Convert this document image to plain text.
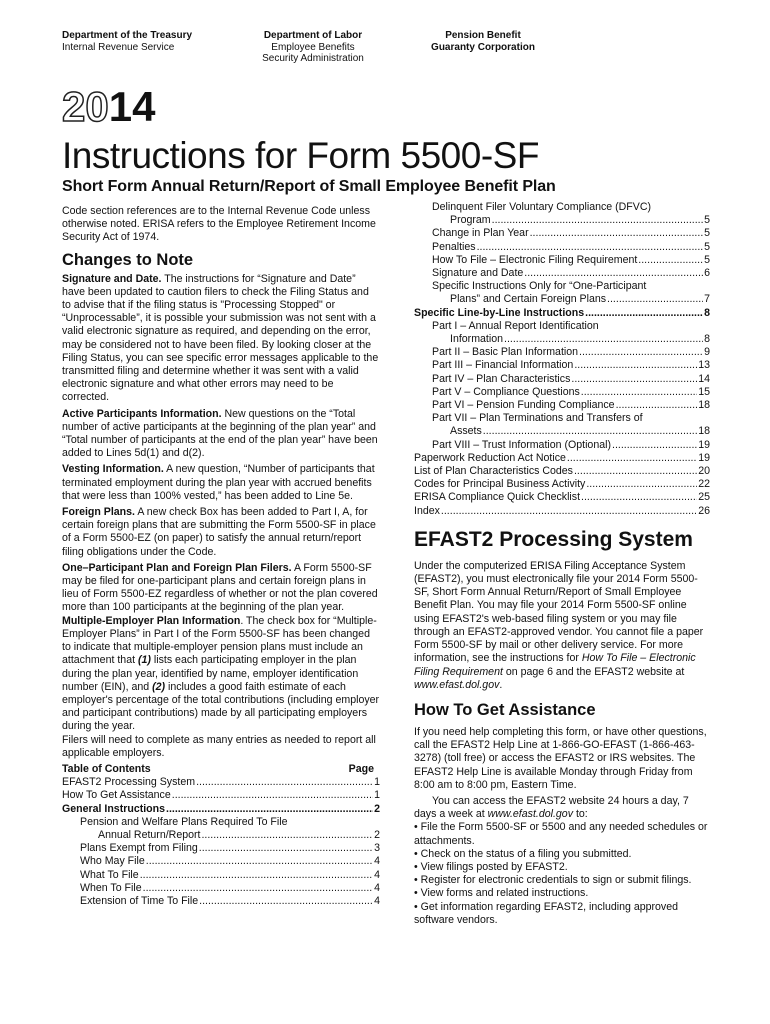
Department of the Treasury
Internal Revenue Service
Department of Labor
Employee Benefits
Security Administration
Pension Benefit
Guaranty Corporation
2014
Instructions for Form 5500-SF
Short Form Annual Return/Report of Small Employee Benefit Plan

Code section references are to the Internal Revenue Code unless otherwise noted. ERISA refers to the Employee Retirement Income Security Act of 1974.

Changes to Note

Signature and Date. The instructions for “Signature and Date” have been updated to caution filers to check the Filing Status and to advise that if the filing status is "Processing Stopped" or “Unprocessable”, it is possible your submission was not sent with a valid electronic signature as required, and depending on the error, may be considered not to have been filed. By looking closer at the Filing Status, you can see specific error messages applicable to the transmitted filing and determine whether it was sent with a valid electronic signature and what other errors may need to be corrected.

Active Participants Information. New questions on the “Total number of active participants at the beginning of the plan year” and “Total number of participants at the end of the plan year” have been added to Lines 5d(1) and d(2).

Vesting Information. A new question, “Number of participants that terminated employment during the plan year with accrued benefits that were less than 100% vested,” has been added to Line 5e.

Foreign Plans. A new check Box has been added to Part I, A, for certain foreign plans that are submitting the Form 5500-SF in place of a Form 5500-EZ (on paper) to satisfy the annual return/report filing obligations under the Code.

One–Participant Plan and Foreign Plan Filers. A Form 5500-SF may be filed for one-participant plans and certain foreign plans in lieu of Form 5500-EZ regardless of whether or not the plan covered more than 100 participants at the beginning of the plan year.

Multiple-Employer Plan Information. The check box for “Multiple-Employer Plans” in Part I of the Form 5500-SF has been changed to indicate that multiple-employer pension plans must include an attachment that (1) lists each participating employer in the plan during the plan year, identified by name, employer identification number (EIN), and (2) includes a good faith estimate of each employer's percentage of the total contributions (including employer and participant contributions) made by all participating employers during the year.

Filers will need to complete as many entries as needed to report all applicable employers.

Table of Contents	Page
EFAST2 Processing System .....	1
How To Get Assistance .....	1
General Instructions .....	2
Pension and Welfare Plans Required To File
Annual Return/Report .....	2
Plans Exempt from Filing .....	3
Who May File .....	4
What To File .....	4
When To File .....	4
Extension of Time To File .....	4
Delinquent Filer Voluntary Compliance (DFVC)
Program .....	5
Change in Plan Year .....	5
Penalties .....	5
How To File – Electronic Filing Requirement .....	5
Signature and Date .....	6
Specific Instructions Only for “One-Participant
Plans” and Certain Foreign Plans .....	7
Specific Line-by-Line Instructions .....	8
Part I – Annual Report Identification
Information .....	8
Part II – Basic Plan Information .....	9
Part III – Financial Information .....	13
Part IV – Plan Characteristics .....	14
Part V – Compliance Questions .....	15
Part VI – Pension Funding Compliance .....	18
Part VII – Plan Terminations and Transfers of
Assets .....	18
Part VIII – Trust Information (Optional) .....	19
Paperwork Reduction Act Notice .....	19
List of Plan Characteristics Codes .....	20
Codes for Principal Business Activity .....	22
ERISA Compliance Quick Checklist .....	25
Index .....	26

EFAST2 Processing System

Under the computerized ERISA Filing Acceptance System (EFAST2), you must electronically file your 2014 Form 5500-SF, Short Form Annual Return/Report of Small Employee Benefit Plan. You may file your 2014 Form 5500-SF online using EFAST2's web-based filing system or you may file through an EFAST2-approved vendor. You cannot file a paper Form 5500-SF by mail or other delivery service. For more information, see the instructions for How To File – Electronic Filing Requirement on page 6 and the EFAST2 website at www.efast.dol.gov.

How To Get Assistance

If you need help completing this form, or have other questions, call the EFAST2 Help Line at 1-866-GO-EFAST (1-866-463-3278) (toll free) or access the EFAST2 or IRS websites. The EFAST2 Help Line is available Monday through Friday from 8:00 am to 8:00 pm, Eastern Time.

You can access the EFAST2 website 24 hours a day, 7 days a week at www.efast.dol.gov to:

• File the Form 5500-SF or 5500 and any needed schedules or attachments.
• Check on the status of a filing you submitted.
• View filings posted by EFAST2.
• Register for electronic credentials to sign or submit filings.
• View forms and related instructions.
• Get information regarding EFAST2, including approved software vendors.
